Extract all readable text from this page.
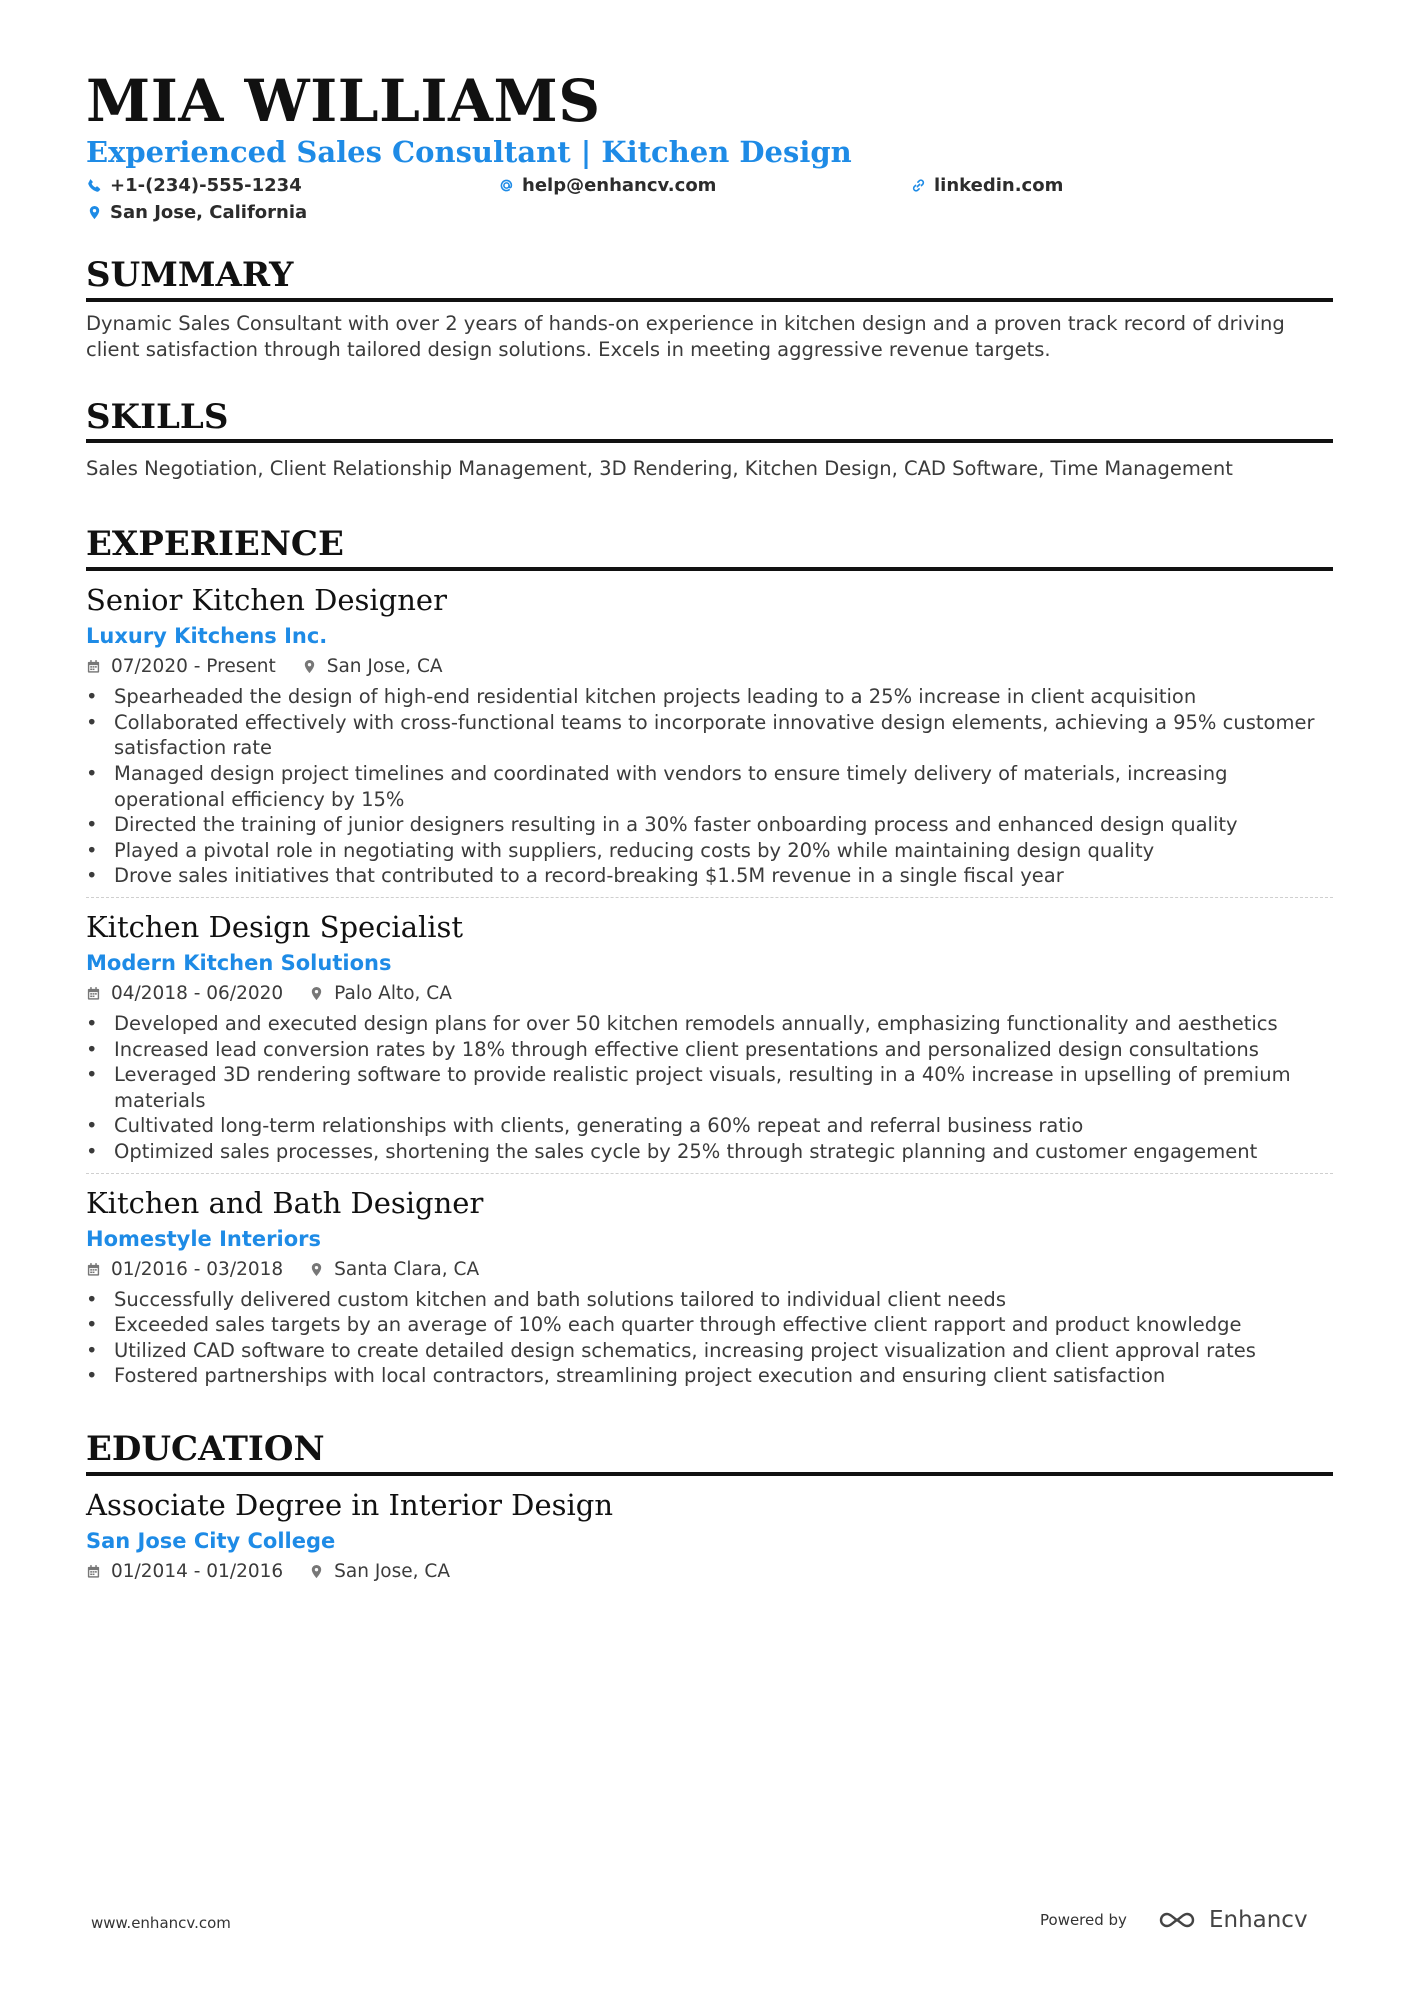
MIA WILLIAMS
Experienced Sales Consultant | Kitchen Design
+1-(234)-555-1234	help@enhancv.com	linkedin.com
San Jose, California
SUMMARY
Dynamic Sales Consultant with over 2 years of hands-on experience in kitchen design and a proven track record of driving client satisfaction through tailored design solutions. Excels in meeting aggressive revenue targets.
SKILLS
Sales Negotiation, Client Relationship Management, 3D Rendering, Kitchen Design, CAD Software, Time Management
EXPERIENCE
Senior Kitchen Designer
Luxury Kitchens Inc.
07/2020 - Present	San Jose, CA
• Spearheaded the design of high-end residential kitchen projects leading to a 25% increase in client acquisition
• Collaborated effectively with cross-functional teams to incorporate innovative design elements, achieving a 95% customer satisfaction rate
• Managed design project timelines and coordinated with vendors to ensure timely delivery of materials, increasing operational efficiency by 15%
• Directed the training of junior designers resulting in a 30% faster onboarding process and enhanced design quality
• Played a pivotal role in negotiating with suppliers, reducing costs by 20% while maintaining design quality
• Drove sales initiatives that contributed to a record-breaking $1.5M revenue in a single fiscal year
Kitchen Design Specialist
Modern Kitchen Solutions
04/2018 - 06/2020	Palo Alto, CA
• Developed and executed design plans for over 50 kitchen remodels annually, emphasizing functionality and aesthetics
• Increased lead conversion rates by 18% through effective client presentations and personalized design consultations
• Leveraged 3D rendering software to provide realistic project visuals, resulting in a 40% increase in upselling of premium materials
• Cultivated long-term relationships with clients, generating a 60% repeat and referral business ratio
• Optimized sales processes, shortening the sales cycle by 25% through strategic planning and customer engagement
Kitchen and Bath Designer
Homestyle Interiors
01/2016 - 03/2018	Santa Clara, CA
• Successfully delivered custom kitchen and bath solutions tailored to individual client needs
• Exceeded sales targets by an average of 10% each quarter through effective client rapport and product knowledge
• Utilized CAD software to create detailed design schematics, increasing project visualization and client approval rates
• Fostered partnerships with local contractors, streamlining project execution and ensuring client satisfaction
EDUCATION
Associate Degree in Interior Design
San Jose City College
01/2014 - 01/2016	San Jose, CA
www.enhancv.com	Powered by	Enhancv
